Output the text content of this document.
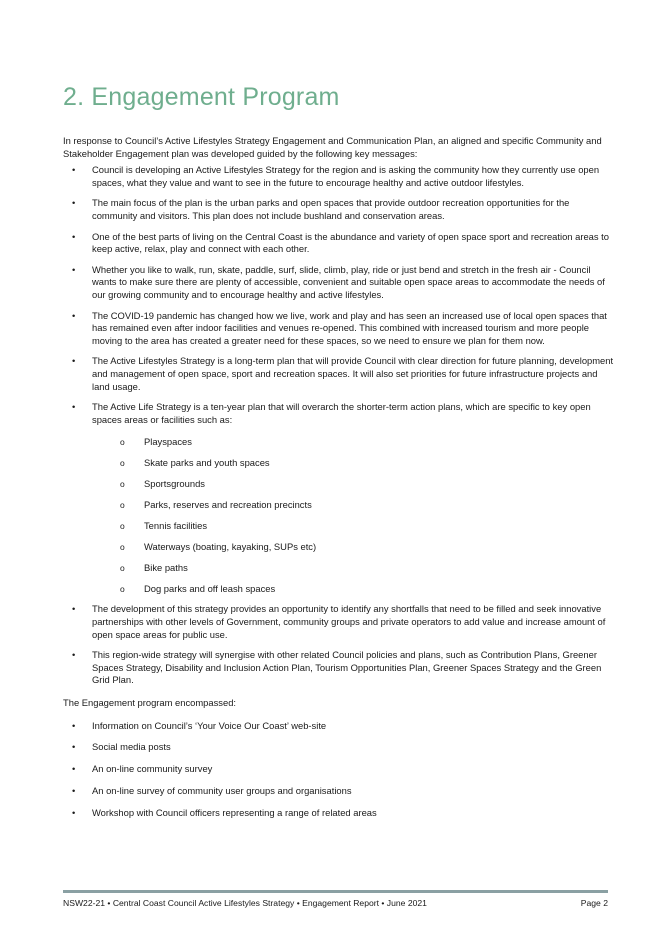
2. Engagement Program

In response to Council’s Active Lifestyles Strategy Engagement and Communication Plan, an aligned and specific Community and Stakeholder Engagement plan was developed guided by the following key messages:

• Council is developing an Active Lifestyles Strategy for the region and is asking the community how they currently use open spaces, what they value and want to see in the future to encourage healthy and active outdoor lifestyles.
• The main focus of the plan is the urban parks and open spaces that provide outdoor recreation opportunities for the community and visitors. This plan does not include bushland and conservation areas.
• One of the best parts of living on the Central Coast is the abundance and variety of open space sport and recreation areas to keep active, relax, play and connect with each other.
• Whether you like to walk, run, skate, paddle, surf, slide, climb, play, ride or just bend and stretch in the fresh air - Council wants to make sure there are plenty of accessible, convenient and suitable open space areas to accommodate the needs of our growing community and to encourage healthy and active lifestyles.
• The COVID-19 pandemic has changed how we live, work and play and has seen an increased use of local open spaces that has remained even after indoor facilities and venues re-opened. This combined with increased tourism and more people moving to the area has created a greater need for these spaces, so we need to ensure we plan for them now.
• The Active Lifestyles Strategy is a long-term plan that will provide Council with clear direction for future planning, development and management of open space, sport and recreation spaces. It will also set priorities for future infrastructure projects and land usage.
• The Active Life Strategy is a ten-year plan that will overarch the shorter-term action plans, which are specific to key open spaces areas or facilities such as:
o Playspaces
o Skate parks and youth spaces
o Sportsgrounds
o Parks, reserves and recreation precincts
o Tennis facilities
o Waterways (boating, kayaking, SUPs etc)
o Bike paths
o Dog parks and off leash spaces
• The development of this strategy provides an opportunity to identify any shortfalls that need to be filled and seek innovative partnerships with other levels of Government, community groups and private operators to add value and increase amount of open space areas for public use.
• This region-wide strategy will synergise with other related Council policies and plans, such as Contribution Plans, Greener Spaces Strategy, Disability and Inclusion Action Plan, Tourism Opportunities Plan, Greener Spaces Strategy and the Green Grid Plan.

The Engagement program encompassed:

• Information on Council’s ‘Your Voice Our Coast’ web-site
• Social media posts
• An on-line community survey
• An on-line survey of community user groups and organisations
• Workshop with Council officers representing a range of related areas
NSW22-21 • Central Coast Council Active Lifestyles Strategy • Engagement Report • June 2021	Page 2
